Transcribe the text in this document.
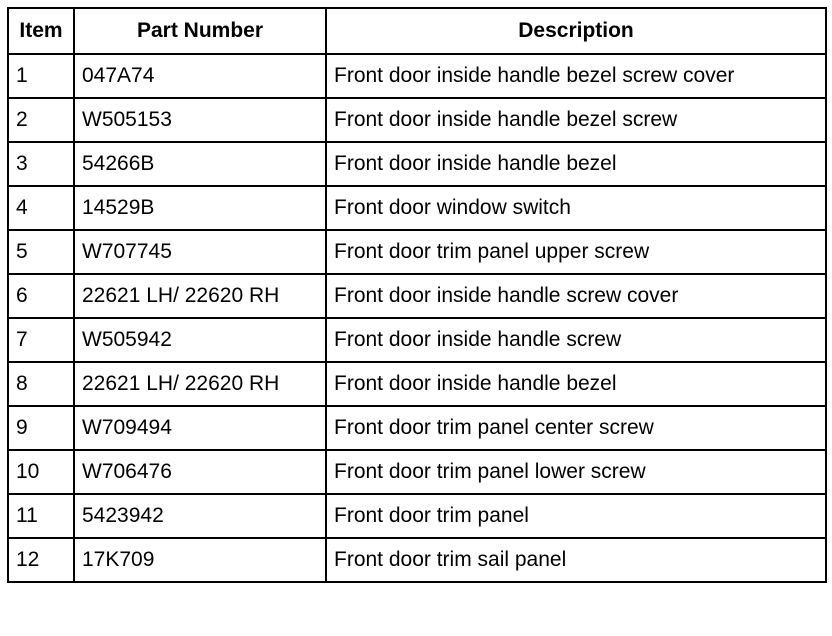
Item	Part Number	Description
1	047A74	Front door inside handle bezel screw cover
2	W505153	Front door inside handle bezel screw
3	54266B	Front door inside handle bezel
4	14529B	Front door window switch
5	W707745	Front door trim panel upper screw
6	22621 LH/ 22620 RH	Front door inside handle screw cover
7	W505942	Front door inside handle screw
8	22621 LH/ 22620 RH	Front door inside handle bezel
9	W709494	Front door trim panel center screw
10	W706476	Front door trim panel lower screw
11	5423942	Front door trim panel
12	17K709	Front door trim sail panel
